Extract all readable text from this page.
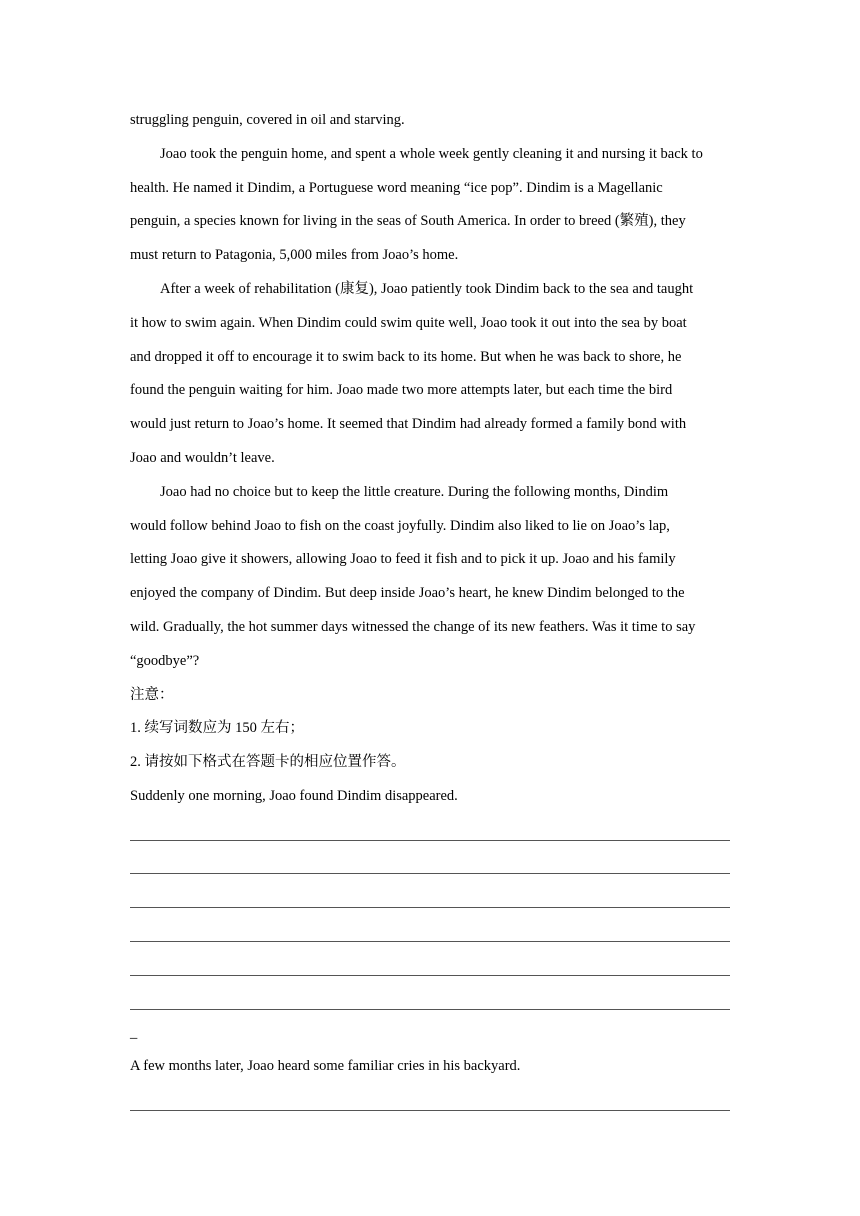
struggling penguin, covered in oil and starving.
Joao took the penguin home, and spent a whole week gently cleaning it and nursing it back to
health. He named it Dindim, a Portuguese word meaning “ice pop”. Dindim is a Magellanic
penguin, a species known for living in the seas of South America. In order to breed (繁殖), they
must return to Patagonia, 5,000 miles from Joao’s home.
After a week of rehabilitation (康复), Joao patiently took Dindim back to the sea and taught
it how to swim again. When Dindim could swim quite well, Joao took it out into the sea by boat
and dropped it off to encourage it to swim back to its home. But when he was back to shore, he
found the penguin waiting for him. Joao made two more attempts later, but each time the bird
would just return to Joao’s home. It seemed that Dindim had already formed a family bond with
Joao and wouldn’t leave.
Joao had no choice but to keep the little creature. During the following months, Dindim
would follow behind Joao to fish on the coast joyfully. Dindim also liked to lie on Joao’s lap,
letting Joao give it showers, allowing Joao to feed it fish and to pick it up. Joao and his family
enjoyed the company of Dindim. But deep inside Joao’s heart, he knew Dindim belonged to the
wild. Gradually, the hot summer days witnessed the change of its new feathers. Was it time to say
“goodbye”?
注意：
1. 续写词数应为 150 左右；
2. 请按如下格式在答题卡的相应位置作答。
Suddenly one morning, Joao found Dindim disappeared.
_
A few months later, Joao heard some familiar cries in his backyard.
